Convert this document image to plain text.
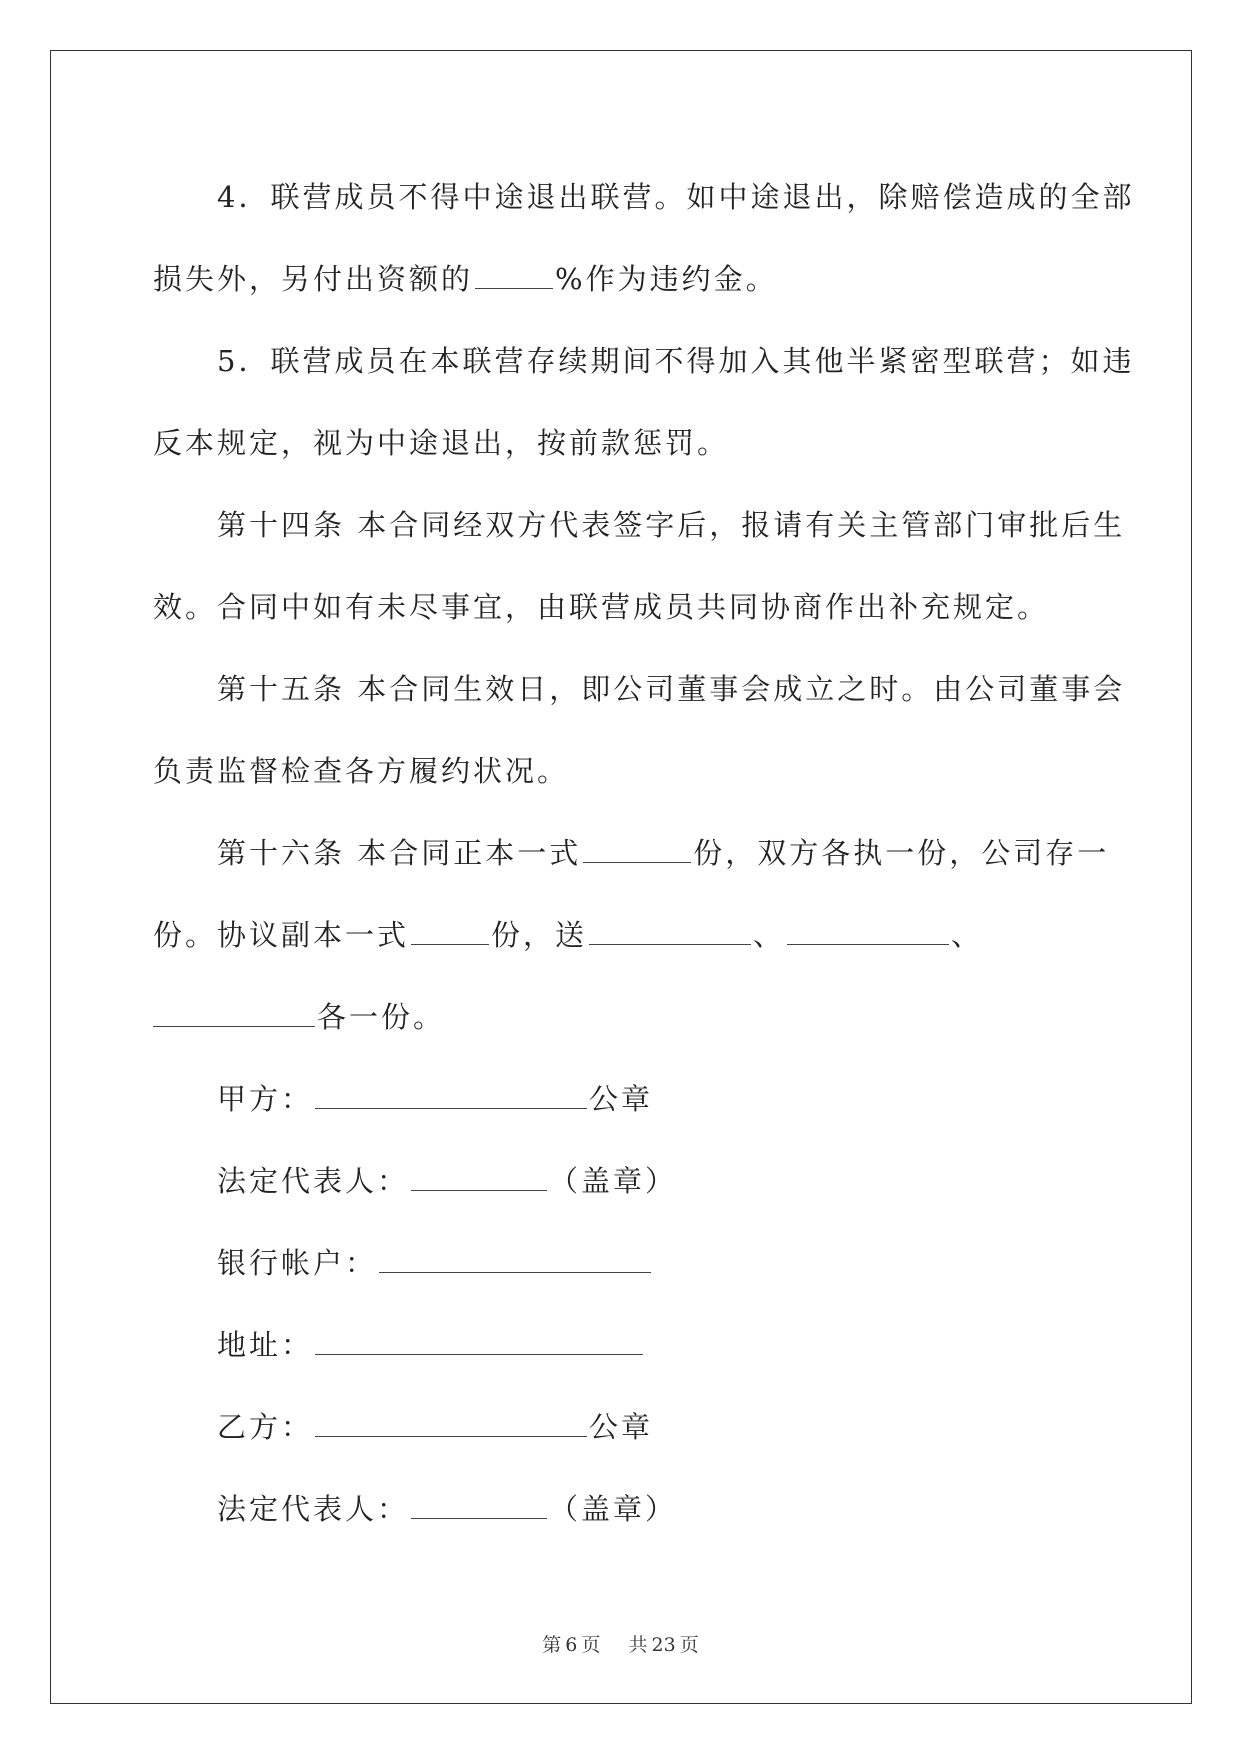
4．联营成员不得中途退出联营。如中途退出，除赔偿造成的全部
损失外，另付出资额的	%作为违约金。

5．联营成员在本联营存续期间不得加入其他半紧密型联营；如违
反本规定，视为中途退出，按前款惩罚。

第十四条 本合同经双方代表签字后，报请有关主管部门审批后生
效。合同中如有未尽事宜，由联营成员共同协商作出补充规定。

第十五条 本合同生效日，即公司董事会成立之时。由公司董事会
负责监督检查各方履约状况。

第十六条 本合同正本一式	份，双方各执一份，公司存一
份。协议副本一式	份，送	、	、
各一份。

甲方：	公章

法定代表人：	（盖章）

银行帐户：

地址：

乙方：	公章

法定代表人：	（盖章）

第 6 页 共 23 页
